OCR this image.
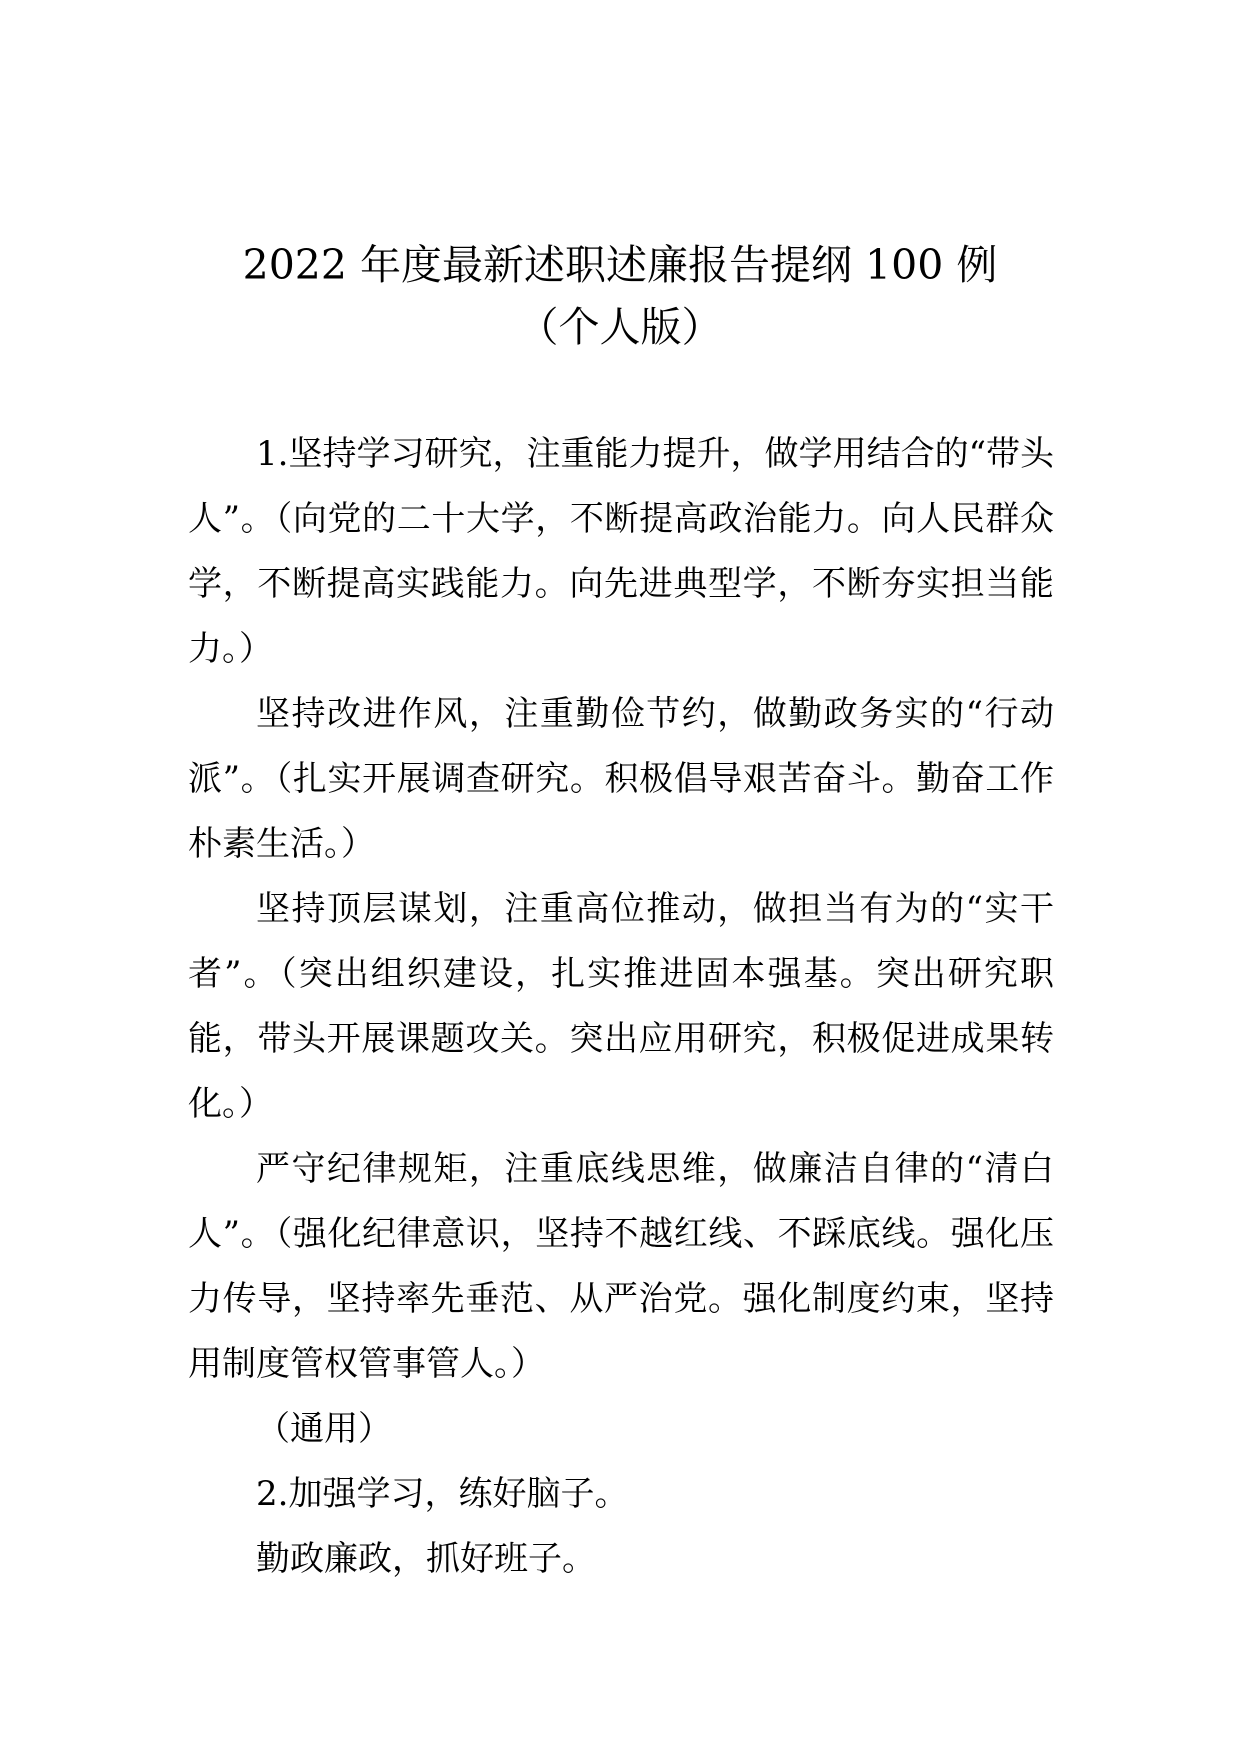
2022 年度最新述职述廉报告提纲 100 例
（个人版）

1.坚持学习研究，注重能力提升，做学用结合的“带头人”。（向党的二十大学，不断提高政治能力。向人民群众学，不断提高实践能力。向先进典型学，不断夯实担当能力。）

坚持改进作风，注重勤俭节约，做勤政务实的“行动派”。（扎实开展调查研究。积极倡导艰苦奋斗。勤奋工作朴素生活。）

坚持顶层谋划，注重高位推动，做担当有为的“实干者”。（突出组织建设，扎实推进固本强基。突出研究职能，带头开展课题攻关。突出应用研究，积极促进成果转化。）

严守纪律规矩，注重底线思维，做廉洁自律的“清白人”。（强化纪律意识，坚持不越红线、不踩底线。强化压力传导，坚持率先垂范、从严治党。强化制度约束，坚持用制度管权管事管人。）

（通用）

2.加强学习，练好脑子。

勤政廉政，抓好班子。
